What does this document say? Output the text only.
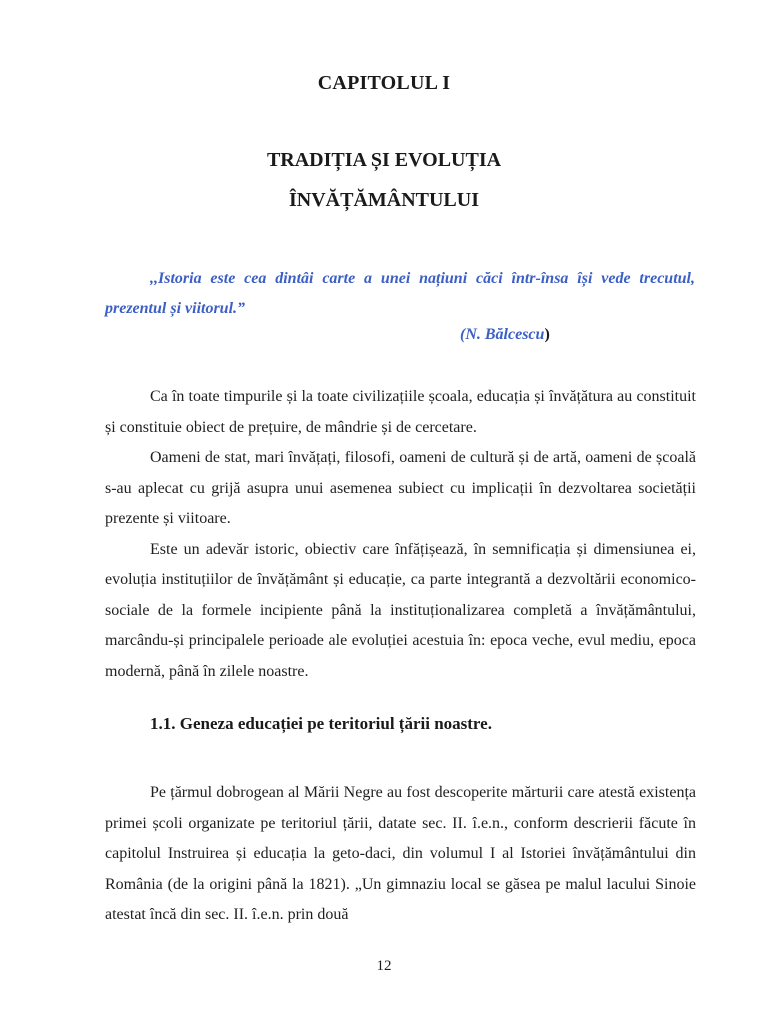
CAPITOLUL I
TRADIȚIA ȘI EVOLUȚIA
ÎNVĂȚĂMÂNTULUI
,,Istoria este cea dintâi carte a unei națiuni căci într-însa își vede trecutul, prezentul și viitorul.”
(N. Bălcescu)

Ca în toate timpurile și la toate civilizațiile școala, educația și învățătura au constituit și constituie obiect de prețuire, de mândrie și de cercetare.

Oameni de stat, mari învățați, filosofi, oameni de cultură și de artă, oameni de școală s-au aplecat cu grijă asupra unui asemenea subiect cu implicații în dezvoltarea societății prezente și viitoare.

Este un adevăr istoric, obiectiv care înfățișează, în semnificația și dimensiunea ei, evoluția instituțiilor de învățământ și educație, ca parte integrantă a dezvoltării economico-sociale de la formele incipiente până la instituționalizarea completă a învățământului, marcându-și principalele perioade ale evoluției acestuia în: epoca veche, evul mediu, epoca modernă, până în zilele noastre.

1.1. Geneza educației pe teritoriul țării noastre.

Pe țărmul dobrogean al Mării Negre au fost descoperite mărturii care atestă existența primei școli organizate pe teritoriul țării, datate sec. II. î.e.n., conform descrierii făcute în capitolul Instruirea și educația la geto-daci, din volumul I al Istoriei învățământului din România (de la origini până la 1821). „Un gimnaziu local se găsea pe malul lacului Sinoie atestat încă din sec. II. î.e.n. prin două

12
